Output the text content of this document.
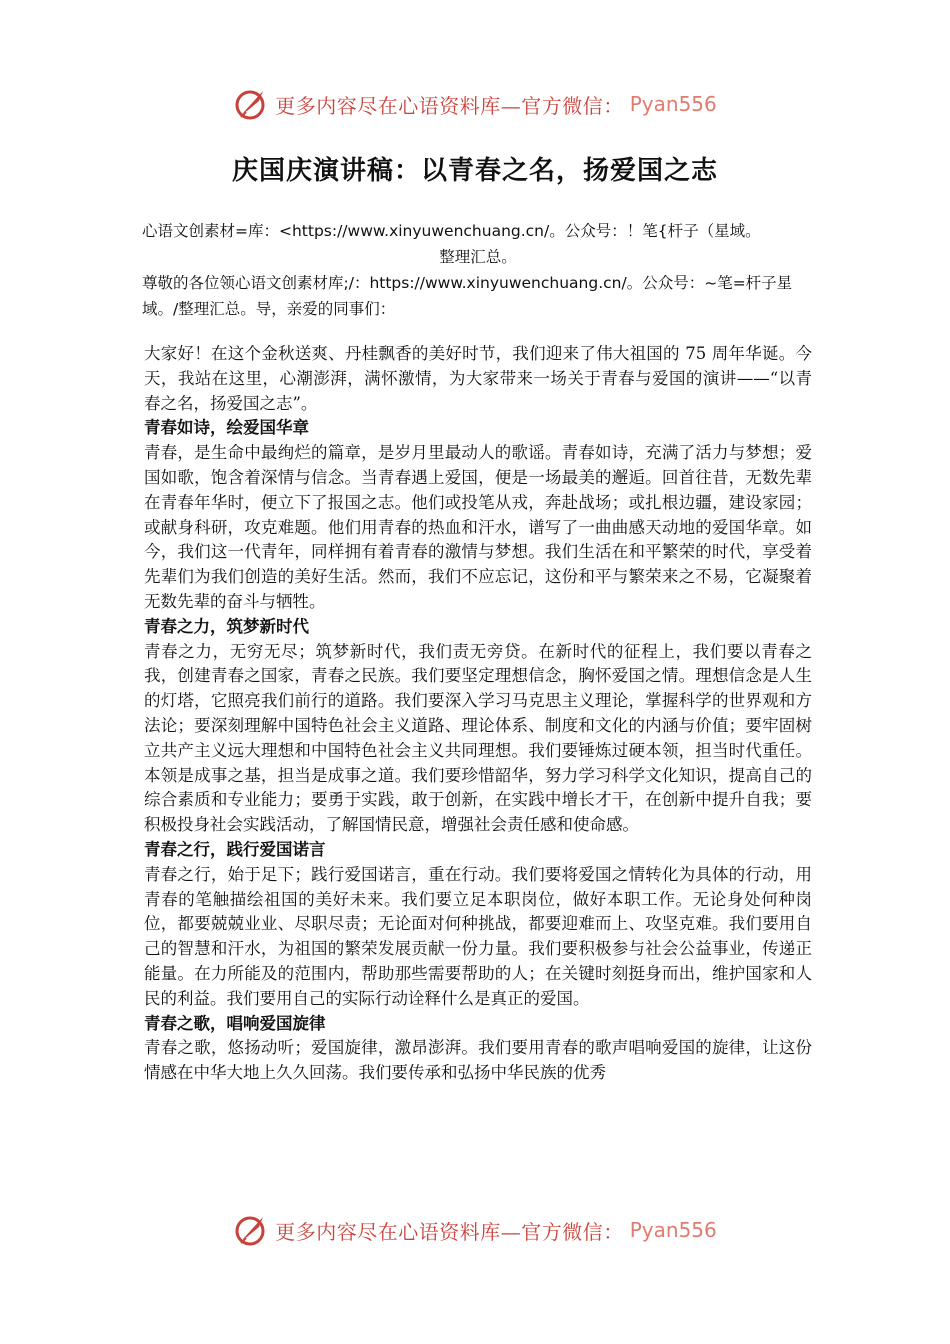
更多内容尽在心语资料库—官方微信： Pyan556
庆国庆演讲稿：以青春之名，扬爱国之志
心语文创素材=库：<https://www.xinyuwenchuang.cn/。公众号：！笔{杆子（星域。
整理汇总。
尊敬的各位领心语文创素材库;/：https://www.xinyuwenchuang.cn/。公众号：~笔=杆子星域。/整理汇总。导，亲爱的同事们：

大家好！在这个金秋送爽、丹桂飘香的美好时节，我们迎来了伟大祖国的 75 周年华诞。今天，我站在这里，心潮澎湃，满怀激情，为大家带来一场关于青春与爱国的演讲——“以青春之名，扬爱国之志”。

青春如诗，绘爱国华章

青春，是生命中最绚烂的篇章，是岁月里最动人的歌谣。青春如诗，充满了活力与梦想；爱国如歌，饱含着深情与信念。当青春遇上爱国，便是一场最美的邂逅。回首往昔，无数先辈在青春年华时，便立下了报国之志。他们或投笔从戎，奔赴战场；或扎根边疆，建设家园；或献身科研，攻克难题。他们用青春的热血和汗水，谱写了一曲曲感天动地的爱国华章。如今，我们这一代青年，同样拥有着青春的激情与梦想。我们生活在和平繁荣的时代，享受着先辈们为我们创造的美好生活。然而，我们不应忘记，这份和平与繁荣来之不易，它凝聚着无数先辈的奋斗与牺牲。

青春之力，筑梦新时代

青春之力，无穷无尽；筑梦新时代，我们责无旁贷。在新时代的征程上，我们要以青春之我，创建青春之国家，青春之民族。我们要坚定理想信念，胸怀爱国之情。理想信念是人生的灯塔，它照亮我们前行的道路。我们要深入学习马克思主义理论，掌握科学的世界观和方法论；要深刻理解中国特色社会主义道路、理论体系、制度和文化的内涵与价值；要牢固树立共产主义远大理想和中国特色社会主义共同理想。我们要锤炼过硬本领，担当时代重任。本领是成事之基，担当是成事之道。我们要珍惜韶华，努力学习科学文化知识，提高自己的综合素质和专业能力；要勇于实践，敢于创新，在实践中增长才干，在创新中提升自我；要积极投身社会实践活动，了解国情民意，增强社会责任感和使命感。

青春之行，践行爱国诺言

青春之行，始于足下；践行爱国诺言，重在行动。我们要将爱国之情转化为具体的行动，用青春的笔触描绘祖国的美好未来。我们要立足本职岗位，做好本职工作。无论身处何种岗位，都要兢兢业业、尽职尽责；无论面对何种挑战，都要迎难而上、攻坚克难。我们要用自己的智慧和汗水，为祖国的繁荣发展贡献一份力量。我们要积极参与社会公益事业，传递正能量。在力所能及的范围内，帮助那些需要帮助的人；在关键时刻挺身而出，维护国家和人民的利益。我们要用自己的实际行动诠释什么是真正的爱国。

青春之歌，唱响爱国旋律

青春之歌，悠扬动听；爱国旋律，激昂澎湃。我们要用青春的歌声唱响爱国的旋律，让这份情感在中华大地上久久回荡。我们要传承和弘扬中华民族的优秀

更多内容尽在心语资料库—官方微信： Pyan556
